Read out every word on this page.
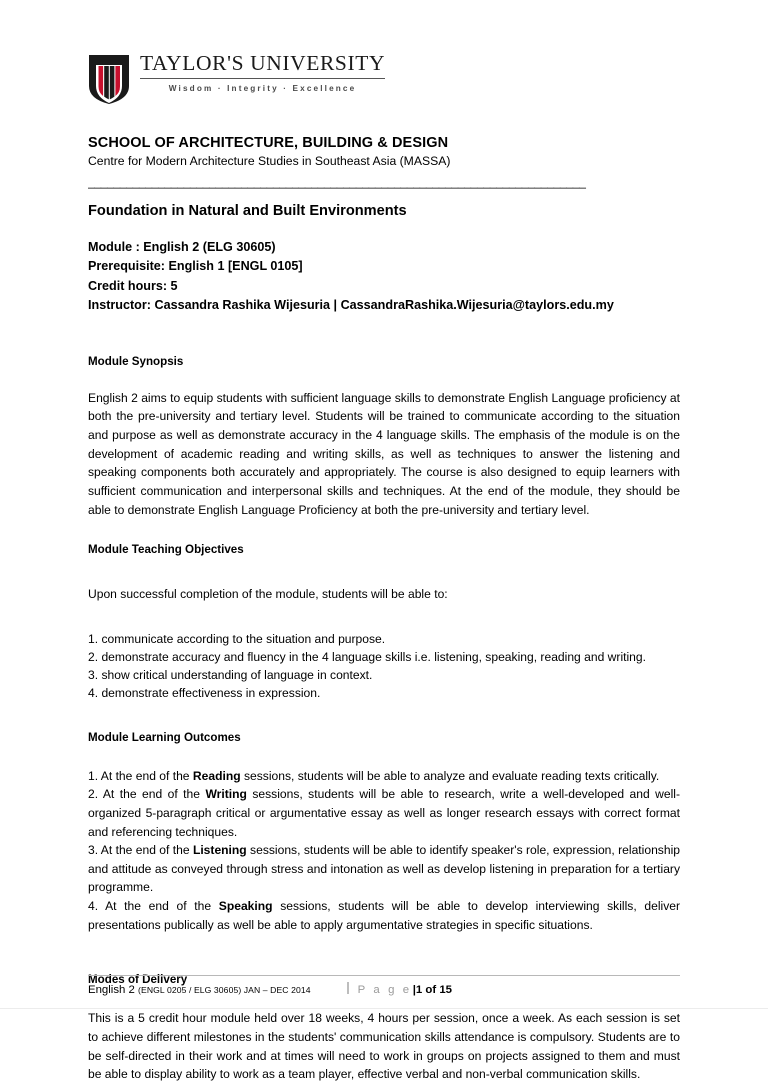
TAYLOR'S UNIVERSITY
Wisdom · Integrity · Excellence
SCHOOL OF ARCHITECTURE, BUILDING & DESIGN
Centre for Modern Architecture Studies in Southeast Asia (MASSA)
______________________________________________________________________________
Foundation in Natural and Built Environments
Module : English 2 (ELG 30605)
Prerequisite: English 1 [ENGL 0105]
Credit hours: 5
Instructor: Cassandra Rashika Wijesuria | CassandraRashika.Wijesuria@taylors.edu.my
Module Synopsis
English 2 aims to equip students with sufficient language skills to demonstrate English Language proficiency at both the pre-university and tertiary level. Students will be trained to communicate according to the situation and purpose as well as demonstrate accuracy in the 4 language skills. The emphasis of the module is on the development of academic reading and writing skills, as well as techniques to answer the listening and speaking components both accurately and appropriately. The course is also designed to equip learners with sufficient communication and interpersonal skills and techniques. At the end of the module, they should be able to demonstrate English Language Proficiency at both the pre-university and tertiary level.
Module Teaching Objectives
Upon successful completion of the module, students will be able to:
1. communicate according to the situation and purpose.
2. demonstrate accuracy and fluency in the 4 language skills i.e. listening, speaking, reading and writing.
3. show critical understanding of language in context.
4. demonstrate effectiveness in expression.
Module Learning Outcomes
1. At the end of the Reading sessions, students will be able to analyze and evaluate reading texts critically.
2. At the end of the Writing sessions, students will be able to research, write a well-developed and well-organized 5-paragraph critical or argumentative essay as well as longer research essays with correct format and referencing techniques.
3. At the end of the Listening sessions, students will be able to identify speaker's role, expression, relationship and attitude as conveyed through stress and intonation as well as develop listening in preparation for a tertiary programme.
4. At the end of the Speaking sessions, students will be able to develop interviewing skills, deliver presentations publically as well be able to apply argumentative strategies in specific situations.
Modes of Delivery
This is a 5 credit hour module held over 18 weeks, 4 hours per session, once a week. As each session is set to achieve different milestones in the students' communication skills attendance is compulsory. Students are to be self-directed in their work and at times will need to work in groups on projects assigned to them and must be able to display ability to work as a team player, effective verbal and non-verbal communication skills.
English 2 (ENGL 0205 / ELG 30605) JAN – DEC 2014	P a g e |1 of 15
